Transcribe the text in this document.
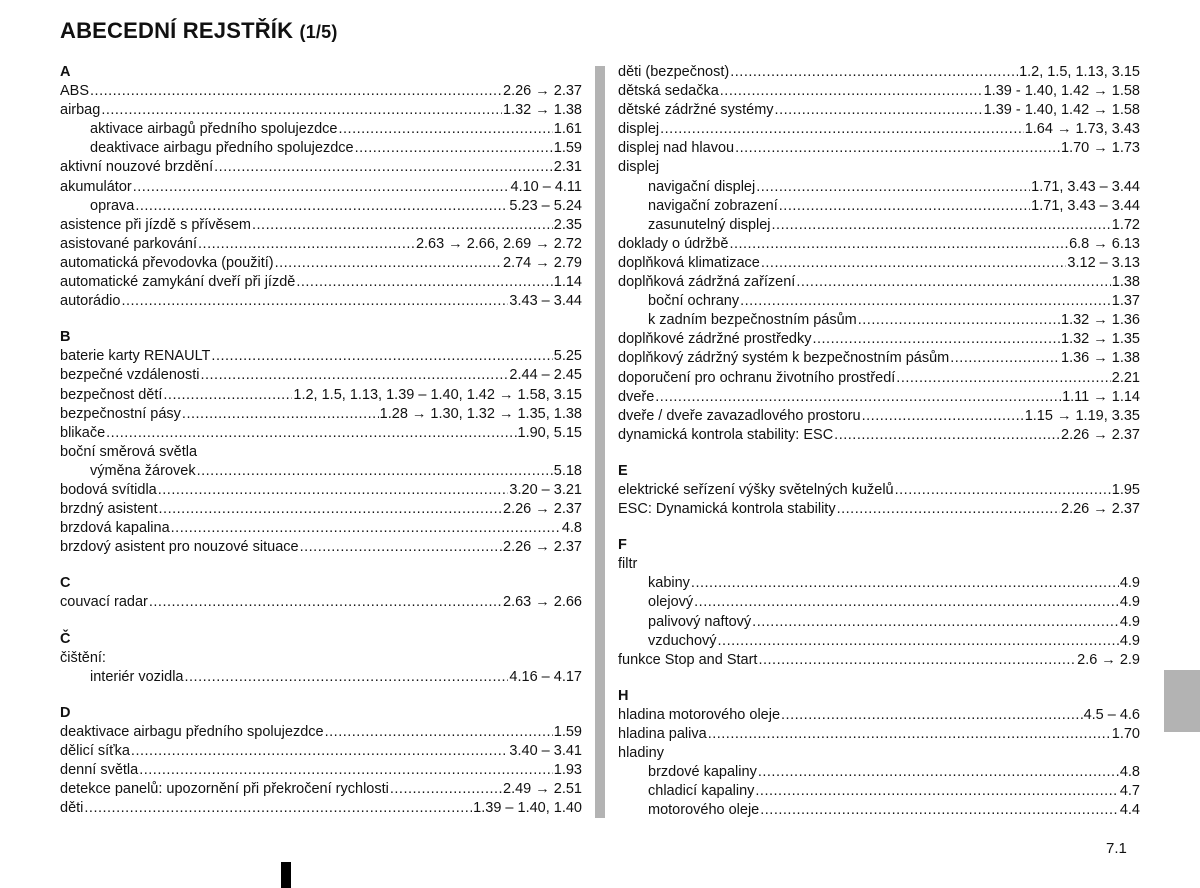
ABECEDNÍ REJSTŘÍK (1/5)
A
ABS .....	2.26 → 2.37
airbag .....	1.32 → 1.38
aktivace airbagů předního spolujezdce .....	1.61
deaktivace airbagu předního spolujezdce .....	1.59
aktivní nouzové brzdění .....	2.31
akumulátor .....	4.10 – 4.11
oprava .....	5.23 – 5.24
asistence při jízdě s přívěsem .....	2.35
asistované parkování .....	2.63 → 2.66, 2.69 → 2.72
automatická převodovka (použití) .....	2.74 → 2.79
automatické zamykání dveří při jízdě .....	1.14
autorádio .....	3.43 – 3.44
B
baterie karty RENAULT .....	5.25
bezpečné vzdálenosti .....	2.44 – 2.45
bezpečnost dětí .....	1.2, 1.5, 1.13, 1.39 – 1.40, 1.42 → 1.58, 3.15
bezpečnostní pásy .....	1.28 → 1.30, 1.32 → 1.35, 1.38
blikače .....	1.90, 5.15
boční směrová světla
výměna žárovek .....	5.18
bodová svítidla .....	3.20 – 3.21
brzdný asistent .....	2.26 → 2.37
brzdová kapalina .....	4.8
brzdový asistent pro nouzové situace .....	2.26 → 2.37
C
couvací radar .....	2.63 → 2.66
Č
čištění:
interiér vozidla .....	4.16 – 4.17
D
deaktivace airbagu předního spolujezdce .....	1.59
dělicí síťka .....	3.40 – 3.41
denní světla .....	1.93
detekce panelů: upozornění při překročení rychlosti .....	2.49 → 2.51
děti .....	1.39 – 1.40, 1.40
děti (bezpečnost) .....	1.2, 1.5, 1.13, 3.15
dětská sedačka .....	1.39 - 1.40, 1.42 → 1.58
dětské zádržné systémy .....	1.39 - 1.40, 1.42 → 1.58
displej .....	1.64 → 1.73, 3.43
displej nad hlavou .....	1.70 → 1.73
displej
navigační displej .....	1.71, 3.43 – 3.44
navigační zobrazení .....	1.71, 3.43 – 3.44
zasunutelný displej .....	1.72
doklady o údržbě .....	6.8 → 6.13
doplňková klimatizace .....	3.12 – 3.13
doplňková zádržná zařízení .....	1.38
boční ochrany .....	1.37
k zadním bezpečnostním pásům .....	1.32 → 1.36
doplňkové zádržné prostředky .....	1.32 → 1.35
doplňkový zádržný systém k bezpečnostním pásům .....	1.36 → 1.38
doporučení pro ochranu životního prostředí .....	2.21
dveře .....	1.11 → 1.14
dveře / dveře zavazadlového prostoru .....	1.15 → 1.19, 3.35
dynamická kontrola stability: ESC .....	2.26 → 2.37
E
elektrické seřízení výšky světelných kuželů .....	1.95
ESC: Dynamická kontrola stability .....	2.26 → 2.37
F
filtr
kabiny .....	4.9
olejový .....	4.9
palivový naftový .....	4.9
vzduchový .....	4.9
funkce Stop and Start .....	2.6 → 2.9
H
hladina motorového oleje .....	4.5 – 4.6
hladina paliva .....	1.70
hladiny
brzdové kapaliny .....	4.8
chladicí kapaliny .....	4.7
motorového oleje .....	4.4
7.1
